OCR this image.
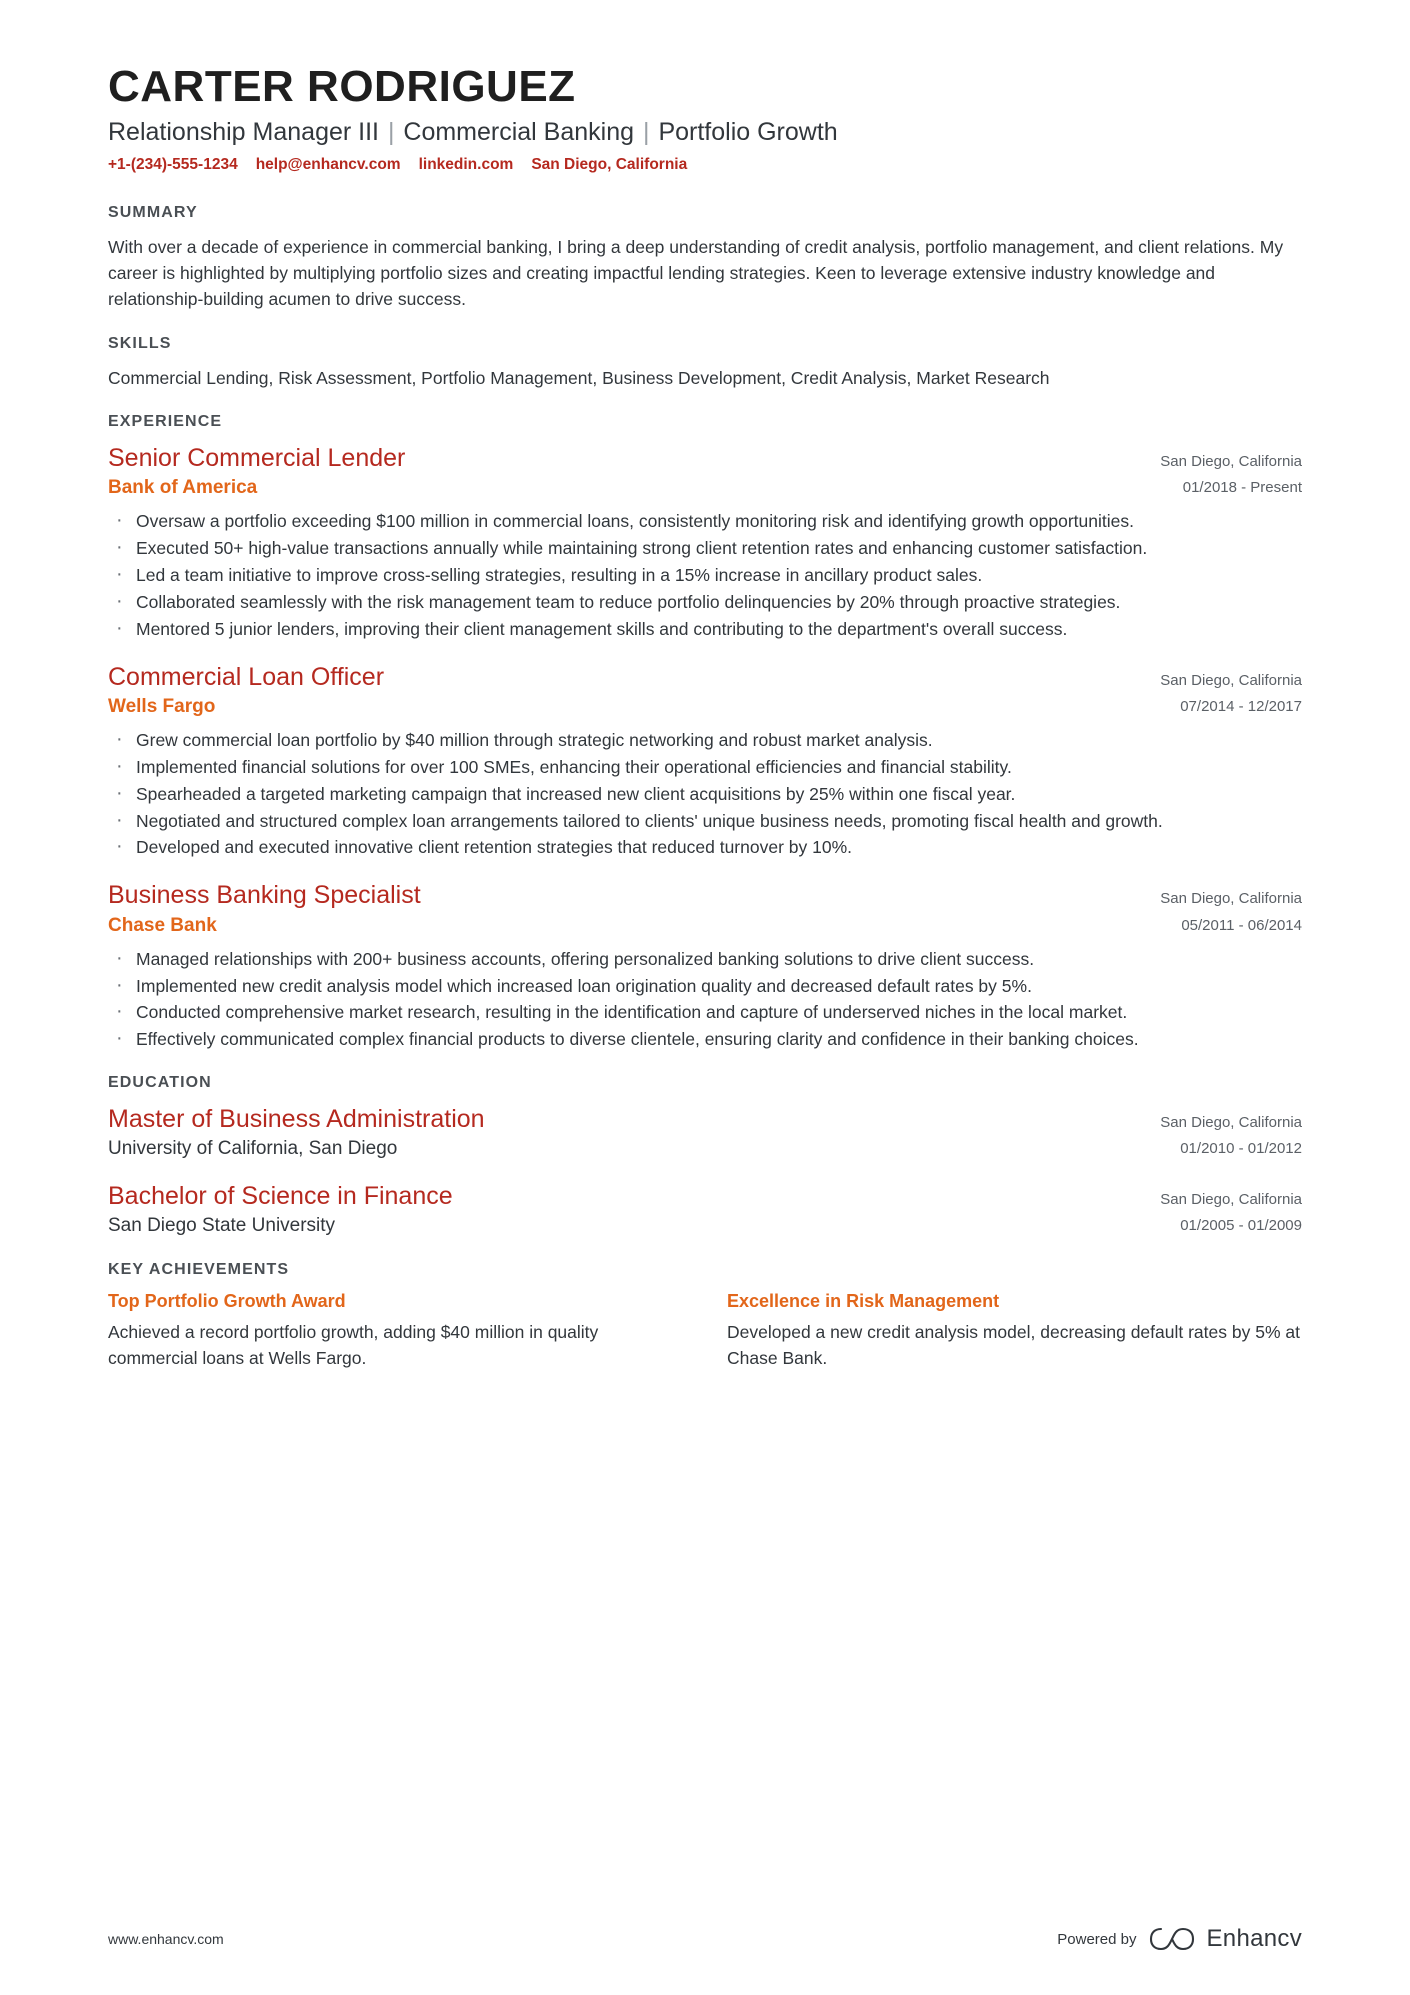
CARTER RODRIGUEZ
Relationship Manager III | Commercial Banking | Portfolio Growth
+1-(234)-555-1234 help@enhancv.com linkedin.com San Diego, California
SUMMARY

With over a decade of experience in commercial banking, I bring a deep understanding of credit analysis, portfolio management, and client relations. My career is highlighted by multiplying portfolio sizes and creating impactful lending strategies. Keen to leverage extensive industry knowledge and relationship-building acumen to drive success.

SKILLS

Commercial Lending, Risk Assessment, Portfolio Management, Business Development, Credit Analysis, Market Research

EXPERIENCE
Senior Commercial Lender
Bank of America
San Diego, California
01/2018 - Present
· Oversaw a portfolio exceeding $100 million in commercial loans, consistently monitoring risk and identifying growth opportunities.
· Executed 50+ high-value transactions annually while maintaining strong client retention rates and enhancing customer satisfaction.
· Led a team initiative to improve cross-selling strategies, resulting in a 15% increase in ancillary product sales.
· Collaborated seamlessly with the risk management team to reduce portfolio delinquencies by 20% through proactive strategies.
· Mentored 5 junior lenders, improving their client management skills and contributing to the department's overall success.
Commercial Loan Officer
Wells Fargo
San Diego, California
07/2014 - 12/2017
· Grew commercial loan portfolio by $40 million through strategic networking and robust market analysis.
· Implemented financial solutions for over 100 SMEs, enhancing their operational efficiencies and financial stability.
· Spearheaded a targeted marketing campaign that increased new client acquisitions by 25% within one fiscal year.
· Negotiated and structured complex loan arrangements tailored to clients' unique business needs, promoting fiscal health and growth.
· Developed and executed innovative client retention strategies that reduced turnover by 10%.
Business Banking Specialist
Chase Bank
San Diego, California
05/2011 - 06/2014
· Managed relationships with 200+ business accounts, offering personalized banking solutions to drive client success.
· Implemented new credit analysis model which increased loan origination quality and decreased default rates by 5%.
· Conducted comprehensive market research, resulting in the identification and capture of underserved niches in the local market.
· Effectively communicated complex financial products to diverse clientele, ensuring clarity and confidence in their banking choices.
EDUCATION
Master of Business Administration
University of California, San Diego
San Diego, California
01/2010 - 01/2012
Bachelor of Science in Finance
San Diego State University
San Diego, California
01/2005 - 01/2009
KEY ACHIEVEMENTS
Top Portfolio Growth Award

Achieved a record portfolio growth, adding $40 million in quality commercial loans at Wells Fargo.

Excellence in Risk Management

Developed a new credit analysis model, decreasing default rates by 5% at Chase Bank.

www.enhancv.com	Powered by	Enhancv
